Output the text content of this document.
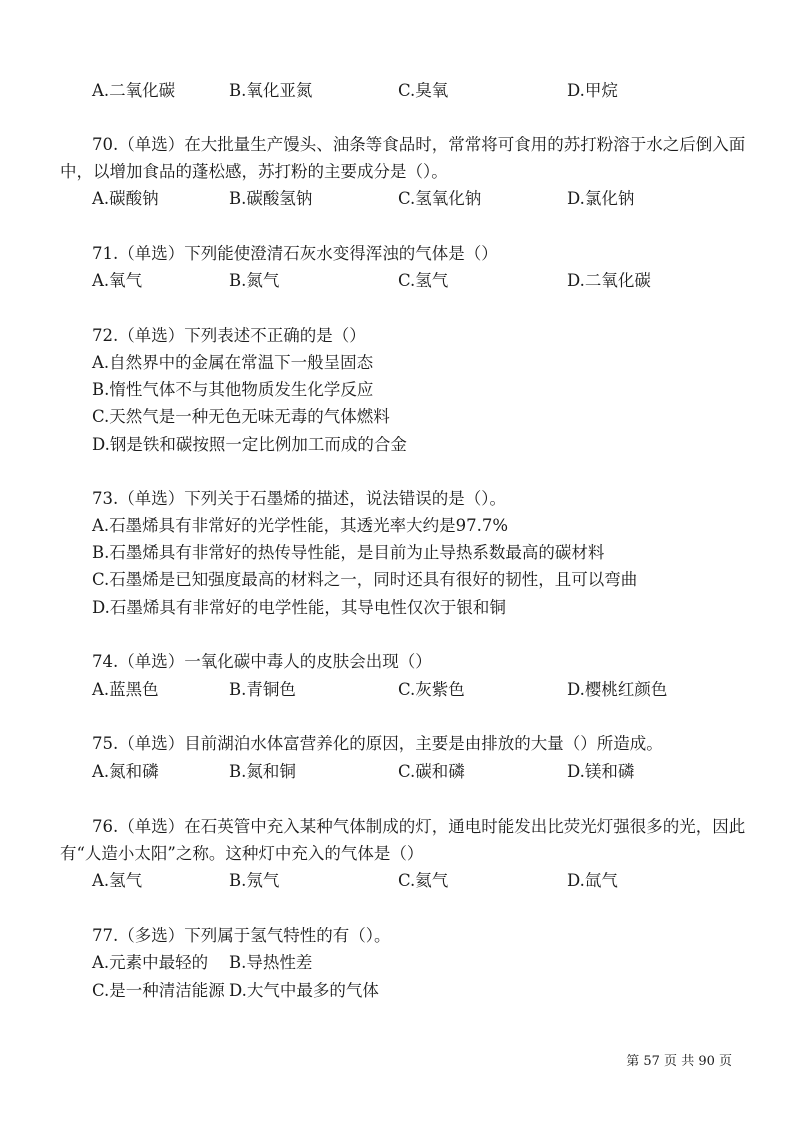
A.二氧化碳	B.氧化亚氮	C.臭氧	D.甲烷
70.（单选）在大批量生产馒头、油条等食品时，常常将可食用的苏打粉溶于水之后倒入面
中，以增加食品的蓬松感，苏打粉的主要成分是（）。
A.碳酸钠	B.碳酸氢钠	C.氢氧化钠	D.氯化钠
71.（单选）下列能使澄清石灰水变得浑浊的气体是（）
A.氧气	B.氮气	C.氢气	D.二氧化碳
72.（单选）下列表述不正确的是（）
A.自然界中的金属在常温下一般呈固态
B.惰性气体不与其他物质发生化学反应
C.天然气是一种无色无味无毒的气体燃料
D.钢是铁和碳按照一定比例加工而成的合金
73.（单选）下列关于石墨烯的描述，说法错误的是（）。
A.石墨烯具有非常好的光学性能，其透光率大约是97.7%
B.石墨烯具有非常好的热传导性能，是目前为止导热系数最高的碳材料
C.石墨烯是已知强度最高的材料之一，同时还具有很好的韧性，且可以弯曲
D.石墨烯具有非常好的电学性能，其导电性仅次于银和铜
74.（单选）一氧化碳中毒人的皮肤会出现（）
A.蓝黑色	B.青铜色	C.灰紫色	D.樱桃红颜色
75.（单选）目前湖泊水体富营养化的原因，主要是由排放的大量（）所造成。
A.氮和磷	B.氮和铜	C.碳和磷	D.镁和磷
76.（单选）在石英管中充入某种气体制成的灯，通电时能发出比荧光灯强很多的光，因此
有“人造小太阳”之称。这种灯中充入的气体是（）
A.氢气	B.氖气	C.氦气	D.氙气
77.（多选）下列属于氢气特性的有（）。
A.元素中最轻的 B.导热性差
C.是一种清洁能源 D.大气中最多的气体
第 57 页 共 90 页
